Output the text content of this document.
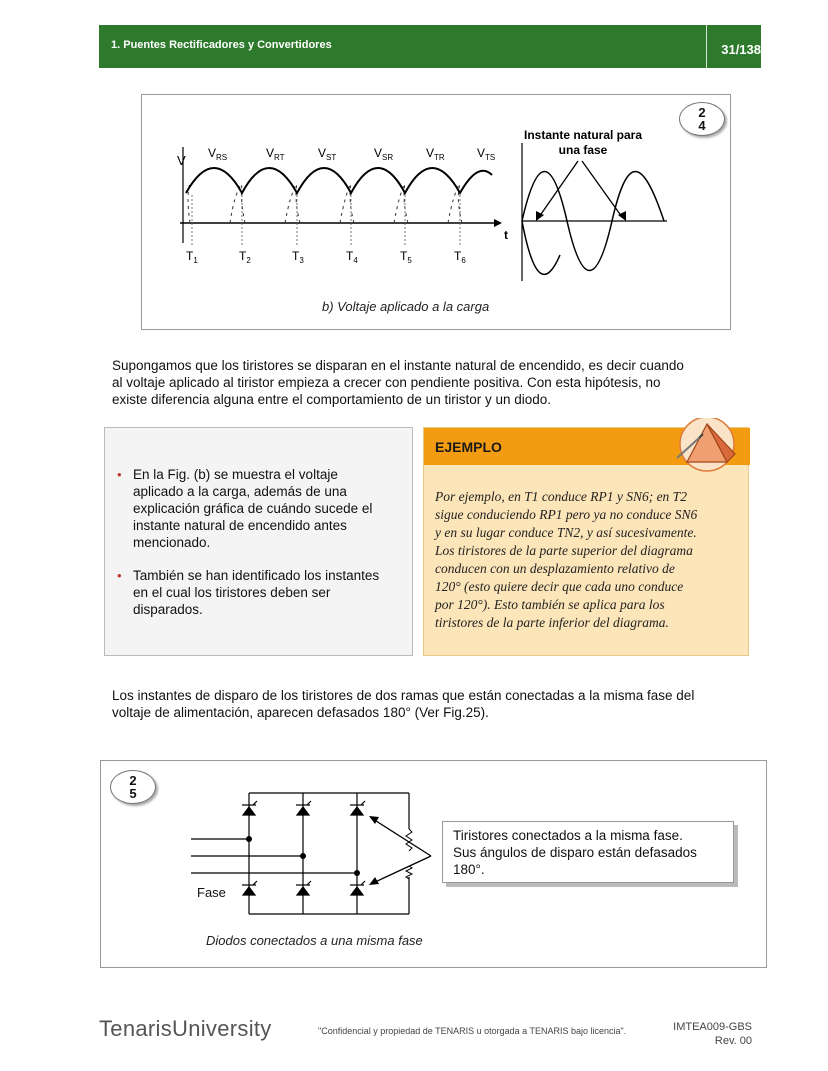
1. Puentes Rectificadores y Convertidores	31/138
V $V_{RS}$	$V_{RT}$	$V_{ST}$	$V_{SR}$	$V_{TR}$	$V_{TS}$
$T_1$	$T_2$	$T_3$	$T_4$	$T_5$	$T_6$
t
Instante natural para
una fase
2
4
b) Voltaje aplicado a la carga
Supongamos que los tiristores se disparan en el instante natural de encendido, es decir cuando
al voltaje aplicado al tiristor empieza a crecer con pendiente positiva. Con esta hipótesis, no
existe diferencia alguna entre el comportamiento de un tiristor y un diodo.
• En la Fig. (b) se muestra el voltaje
aplicado a la carga, además de una
explicación gráfica de cuándo sucede el
instante natural de encendido antes
mencionado.
• También se han identificado los instantes
en el cual los tiristores deben ser
disparados.
EJEMPLO
Por ejemplo, en T1 conduce RP1 y SN6; en T2
sigue conduciendo RP1 pero ya no conduce SN6
y en su lugar conduce TN2, y así sucesivamente.
Los tiristores de la parte superior del diagrama
conducen con un desplazamiento relativo de
120° (esto quiere decir que cada uno conduce
por 120°). Esto también se aplica para los
tiristores de la parte inferior del diagrama.
Los instantes de disparo de los tiristores de dos ramas que están conectadas a la misma fase del
voltaje de alimentación, aparecen defasados 180° (Ver Fig.25).
2
5
Fase
Tiristores conectados a la misma fase.
Sus ángulos de disparo están defasados
180°.
Diodos conectados a una misma fase
TenarisUniversity	"Confidencial y propiedad de TENARIS u otorgada a TENARIS bajo licencia".	IMTEA009-GBS
Rev. 00
